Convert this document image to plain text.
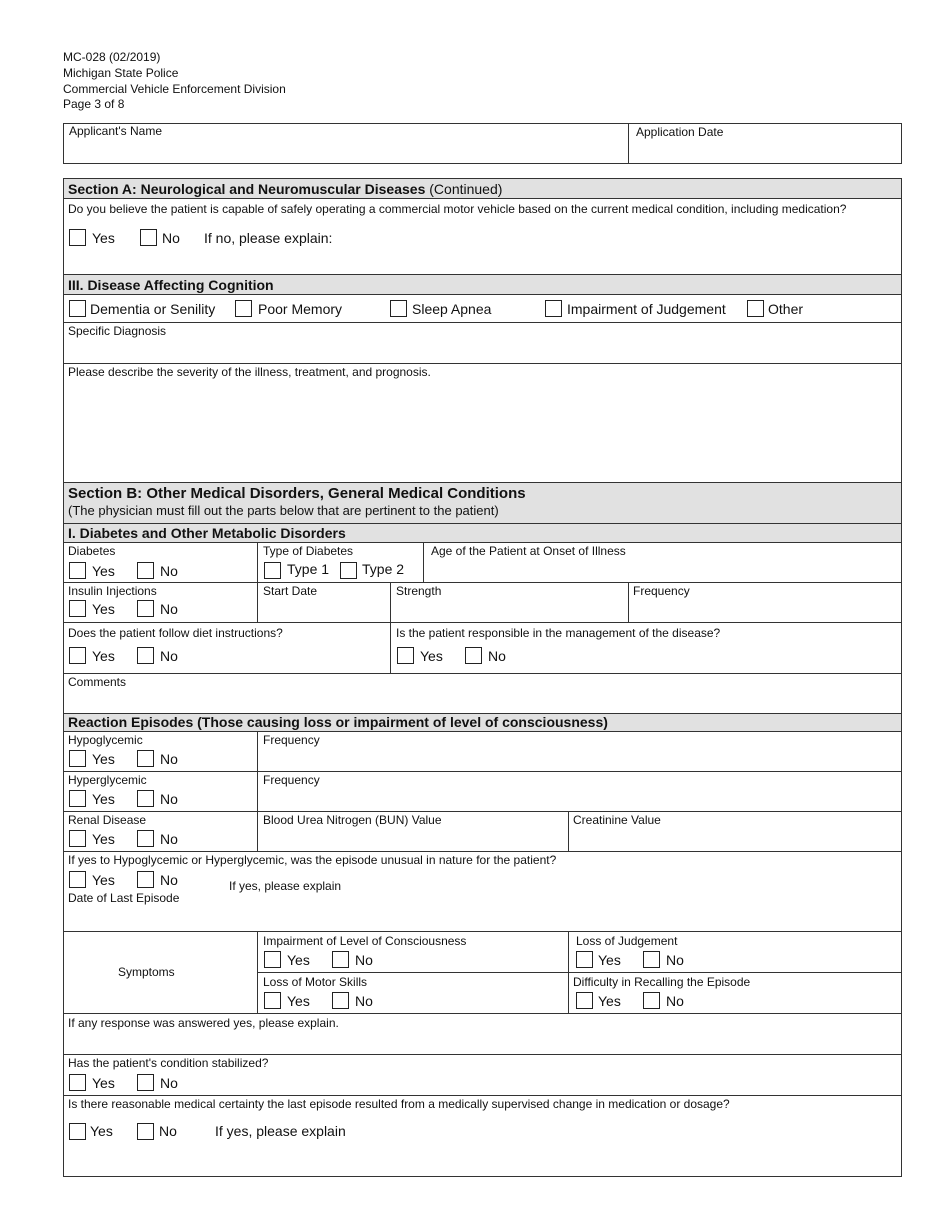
MC-028 (02/2019)
Michigan State Police
Commercial Vehicle Enforcement Division
Page 3 of 8
Applicant's Name	Application Date
Section A: Neurological and Neuromuscular Diseases (Continued)
Do you believe the patient is capable of safely operating a commercial motor vehicle based on the current medical condition, including medication?
Yes	No If no, please explain:
III. Disease Affecting Cognition
Dementia or Senility	Poor Memory	Sleep Apnea	Impairment of Judgement	Other
Specific Diagnosis
Please describe the severity of the illness, treatment, and prognosis.
Section B: Other Medical Disorders, General Medical Conditions
(The physician must fill out the parts below that are pertinent to the patient)
I. Diabetes and Other Metabolic Disorders
Diabetes
Yes	No
Type of Diabetes
Type 1 Type 2
Age of the Patient at Onset of Illness
Insulin Injections
Yes	No
Start Date	Strength	Frequency
Does the patient follow diet instructions?
Yes	No
Is the patient responsible in the management of the disease?
Yes	No
Comments
Reaction Episodes (Those causing loss or impairment of level of consciousness)
Hypoglycemic
Yes	No
Frequency
Hyperglycemic
Yes	No
Frequency
Renal Disease
Yes	No
Blood Urea Nitrogen (BUN) Value	Creatinine Value
If yes to Hypoglycemic or Hyperglycemic, was the episode unusual in nature for the patient?
Yes	No
Date of Last Episode
If yes, please explain
Symptoms
Impairment of Level of Consciousness
Yes	No
Loss of Judgement
Yes	No
Loss of Motor Skills
Yes	No
Difficulty in Recalling the Episode
Yes	No
If any response was answered yes, please explain.
Has the patient's condition stabilized?
Yes	No
Is there reasonable medical certainty the last episode resulted from a medically supervised change in medication or dosage?
Yes	No	If yes, please explain
